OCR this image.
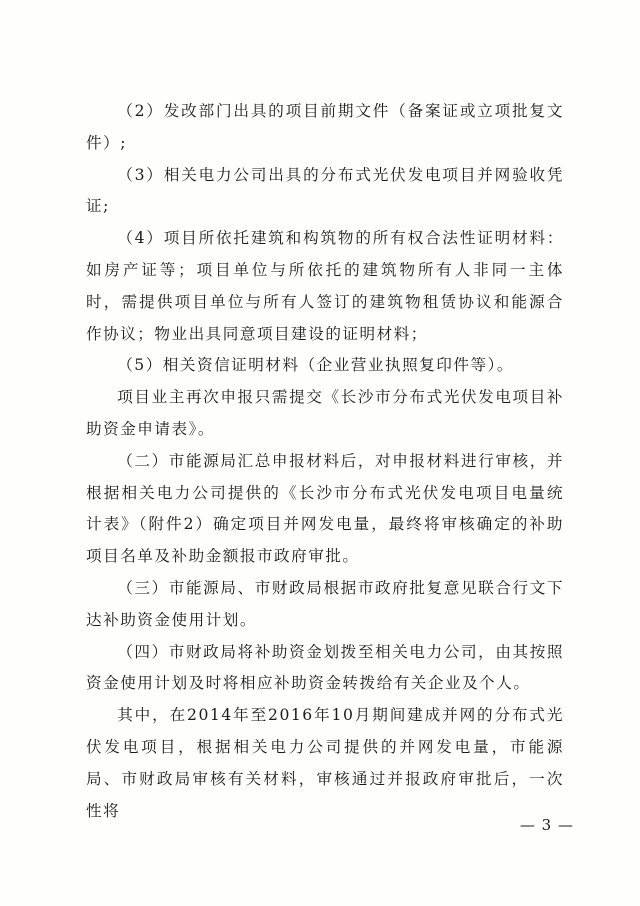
（2）发改部门出具的项目前期文件（备案证或立项批复文件）;

（3）相关电力公司出具的分布式光伏发电项目并网验收凭证;

（4）项目所依托建筑和构筑物的所有权合法性证明材料：如房产证等；项目单位与所依托的建筑物所有人非同一主体时，需提供项目单位与所有人签订的建筑物租赁协议和能源合作协议；物业出具同意项目建设的证明材料；

（5）相关资信证明材料（企业营业执照复印件等）。

项目业主再次申报只需提交《长沙市分布式光伏发电项目补助资金申请表》。

（二）市能源局汇总申报材料后，对申报材料进行审核，并根据相关电力公司提供的《长沙市分布式光伏发电项目电量统计表》（附件2）确定项目并网发电量，最终将审核确定的补助项目名单及补助金额报市政府审批。

（三）市能源局、市财政局根据市政府批复意见联合行文下达补助资金使用计划。

（四）市财政局将补助资金划拨至相关电力公司，由其按照资金使用计划及时将相应补助资金转拨给有关企业及个人。

其中，在2014年至2016年10月期间建成并网的分布式光伏发电项目，根据相关电力公司提供的并网发电量，市能源局、市财政局审核有关材料，审核通过并报政府审批后，一次性将

— 3 —
